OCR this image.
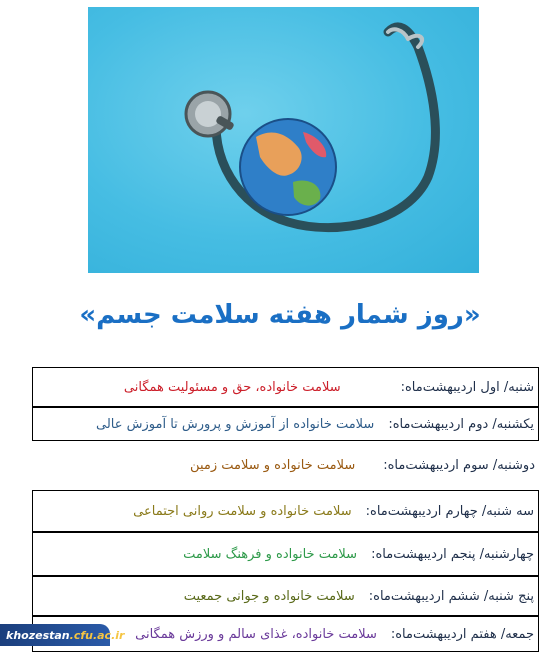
«روز شمار هفته سلامت جسم»
شنبه/ اول اردیبهشت‌ماه:
سلامت خانواده، حق و مسئولیت همگانی
یکشنبه/ دوم اردیبهشت‌ماه:
سلامت خانواده از آموزش و پرورش تا آموزش عالی
دوشنبه/ سوم اردیبهشت‌ماه:
سلامت خانواده و سلامت زمین
سه شنبه/ چهارم اردیبهشت‌ماه:
سلامت خانواده و سلامت روانی اجتماعی
چهارشنبه/ پنجم اردیبهشت‌ماه:
سلامت خانواده و فرهنگ سلامت
پنج شنبه/ ششم اردیبهشت‌ماه:
سلامت خانواده و جوانی جمعیت
جمعه/ هفتم اردیبهشت‌ماه:
سلامت خانواده، غذای سالم و ورزش همگانی
khozestan .cfu.ac.ir
